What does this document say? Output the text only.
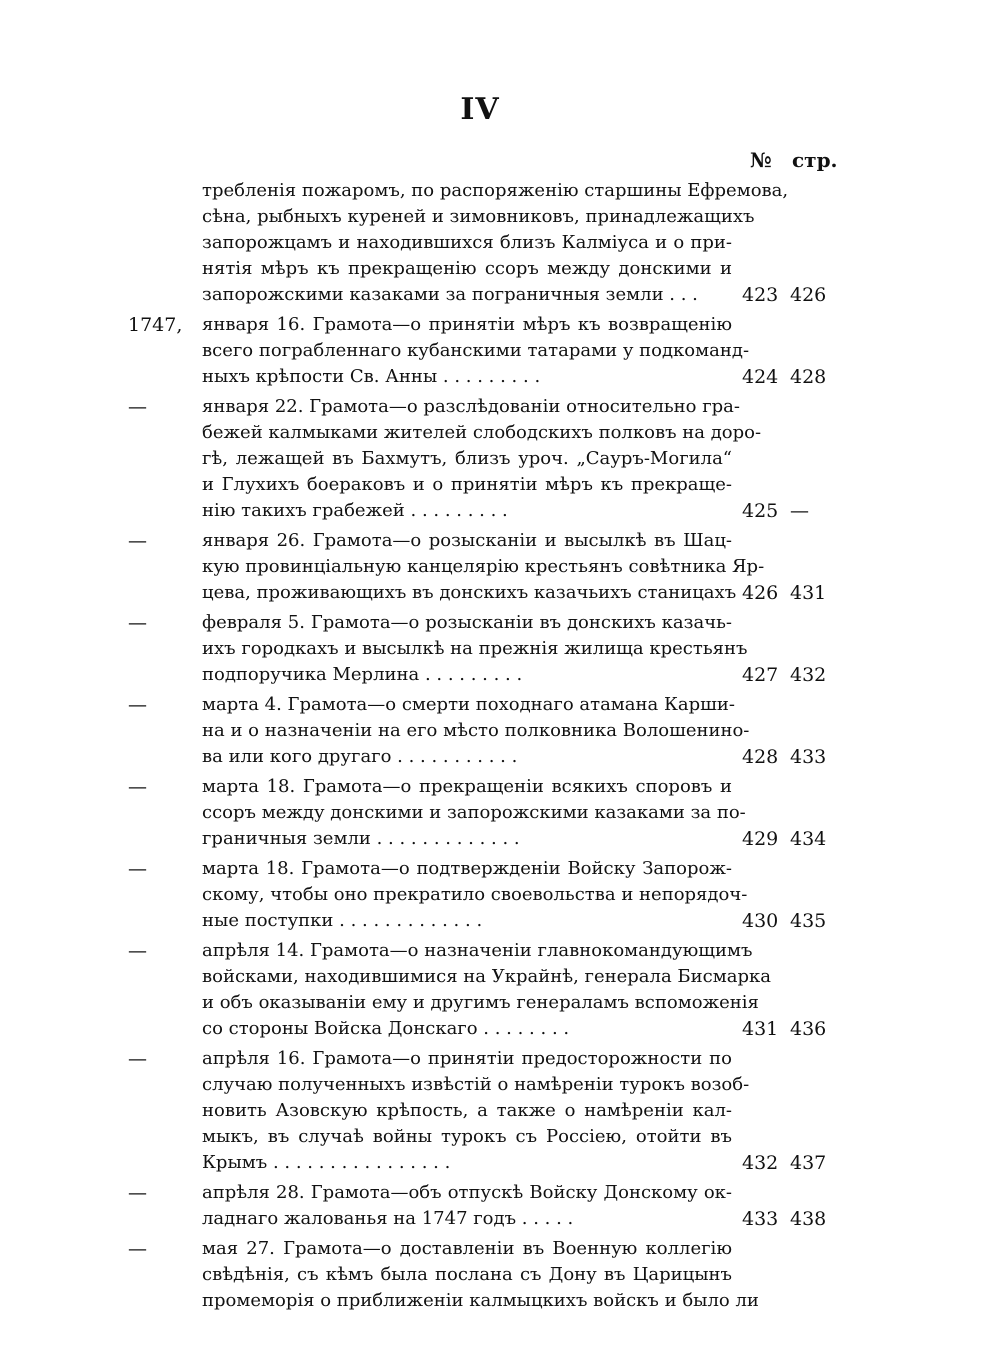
IV
№ стр.
требленія пожаромъ, по распоряженію старшины Ефремова,
сѣна, рыбныхъ куреней и зимовниковъ, принадлежащихъ
запорожцамъ и находившихся близъ Калміуса и о при-
нятія мѣръ къ прекращенію ссоръ между донскими и
запорожскими казаками за пограничныя земли . . .	423 426
1747,	января 16. Грамота—о принятіи мѣръ къ возвращенію
всего пограбленнаго кубанскими татарами у подкоманд-
ныхъ крѣпости Св. Анны . . . . . . . . .	424 428
—	января 22. Грамота—о разслѣдованіи относительно гра-
бежей калмыками жителей слободскихъ полковъ на доро-
гѣ, лежащей въ Бахмутъ, близъ уроч. „Сауръ-Могила“
и Глухихъ боераковъ и о принятіи мѣръ къ прекраще-
нію такихъ грабежей . . . . . . . . .	425 —
—	января 26. Грамота—о розысканіи и высылкѣ въ Шац-
кую провинціальную канцелярію крестьянъ совѣтника Яр-
цева, проживающихъ въ донскихъ казачьихъ станицахъ 426 431
—	февраля 5. Грамота—о розысканіи въ донскихъ казачь-
ихъ городкахъ и высылкѣ на прежнія жилища крестьянъ
подпоручика Мерлина . . . . . . . . .	427 432
—	марта 4. Грамота—о смерти походнаго атамана Карши-
на и о назначеніи на его мѣсто полковника Волошенино-
ва или кого другаго . . . . . . . . . . .	428 433
—	марта 18. Грамота—о прекращеніи всякихъ споровъ и
ссоръ между донскими и запорожскими казаками за по-
граничныя земли . . . . . . . . . . . . .	429 434
—	марта 18. Грамота—о подтвержденіи Войску Запорож-
скому, чтобы оно прекратило своевольства и непорядоч-
ные поступки . . . . . . . . . . . . .	430 435
—	апрѣля 14. Грамота—о назначеніи главнокомандующимъ
войсками, находившимися на Украйнѣ, генерала Бисмарка
и объ оказываніи ему и другимъ генераламъ вспоможенія
со стороны Войска Донскаго . . . . . . . .	431 436
—	апрѣля 16. Грамота—о принятіи предосторожности по
случаю полученныхъ извѣстій о намѣреніи турокъ возоб-
новить Азовскую крѣпость, а также о намѣреніи кал-
мыкъ, въ случаѣ войны турокъ съ Россіею, отойти въ
Крымъ . . . . . . . . . . . . . . . .	432 437
—	апрѣля 28. Грамота—объ отпускѣ Войску Донскому ок-
ладнаго жалованья на 1747 годъ . . . . .	433 438
—	мая 27. Грамота—о доставленіи въ Военную коллегію
свѣдѣнія, съ кѣмъ была послана съ Дону въ Царицынъ
промеморія о приближеніи калмыцкихъ войскъ и было ли
